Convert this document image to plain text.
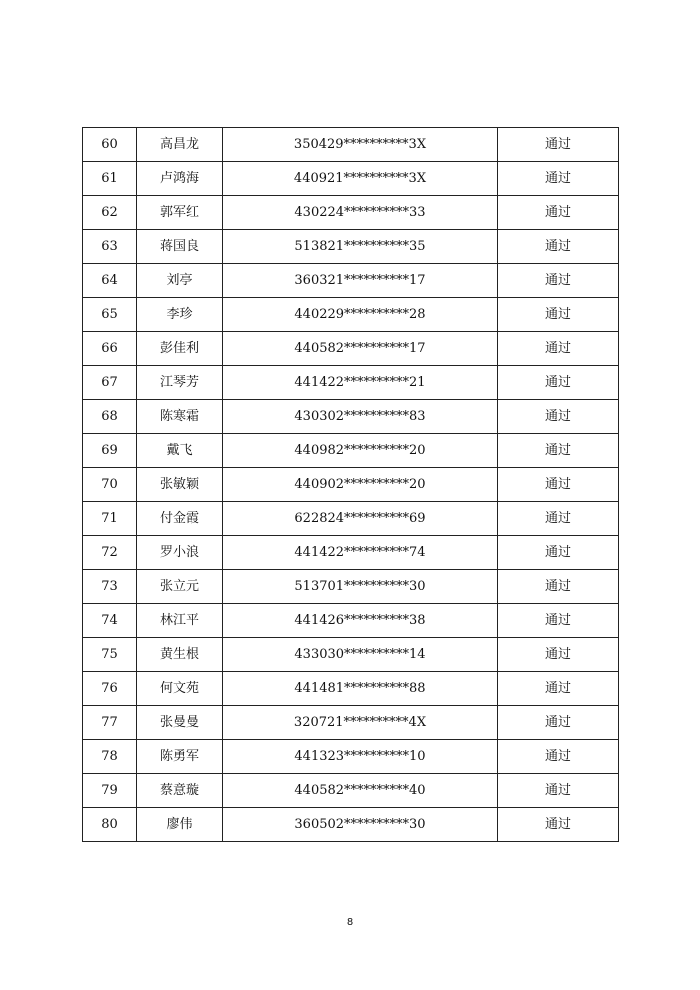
60	高昌龙	350429**********3X	通过
61	卢鸿海	440921**********3X	通过
62	郭军红	430224**********33	通过
63	蒋国良	513821**********35	通过
64	刘亭	360321**********17	通过
65	李珍	440229**********28	通过
66	彭佳利	440582**********17	通过
67	江琴芳	441422**********21	通过
68	陈寒霜	430302**********83	通过
69	戴飞	440982**********20	通过
70	张敏颖	440902**********20	通过
71	付金霞	622824**********69	通过
72	罗小浪	441422**********74	通过
73	张立元	513701**********30	通过
74	林江平	441426**********38	通过
75	黄生根	433030**********14	通过
76	何文苑	441481**********88	通过
77	张曼曼	320721**********4X	通过
78	陈勇军	441323**********10	通过
79	蔡意璇	440582**********40	通过
80	廖伟	360502**********30	通过
8
